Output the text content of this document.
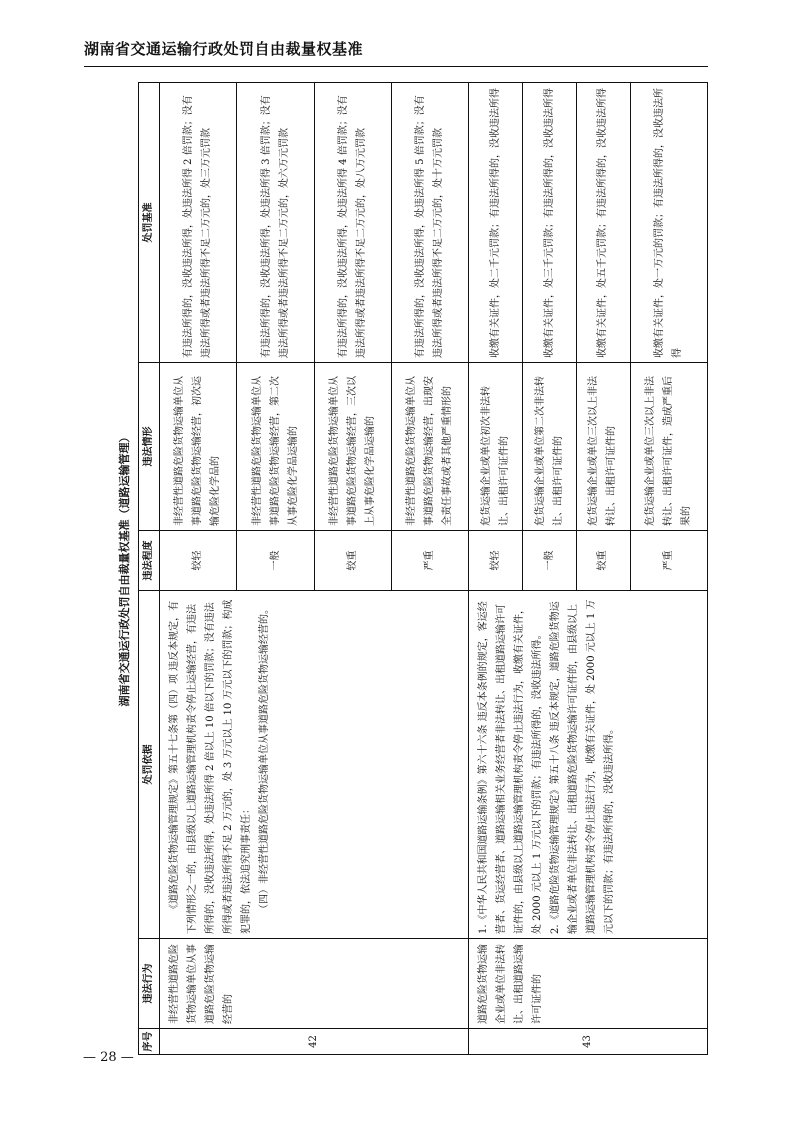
湖南省交通运输行政处罚自由裁量权基准
湖南省交通运行政处罚自由裁量权基准（道路运输管理）
序号	违法行为	处罚依据	违法程度	违法情形	处罚基准
42	非经营性道路危险货物运输单位从事道路危险货物运输经营的	《道路危险货物运输管理规定》第五十七条第（四）项 违反本规定，有下列情形之一的，由县级以上道路运输管理机构责令停止运输经营，有违法所得的，没收违法所得，处违法所得 2 倍以上 10 倍以下的罚款；没有违法所得或者违法所得不足 2 万元的，处 3 万元以上 10 万元以下的罚款；构成犯罪的，依法追究刑事责任： （四）非经营性道路危险货物运输单位从事道路危险货物运输经营的。	较轻	非经营性道路危险货物运输单位从事道路危险货物运输经营，初次运输危险化学品的	有违法所得的，没收违法所得，处违法所得 2 倍罚款；没有违法所得或者违法所得不足二万元的，处三万元罚款
			一般	非经营性道路危险货物运输单位从事道路危险货物运输经营，第二次从事危险化学品运输的	有违法所得的，没收违法所得，处违法所得 3 倍罚款；没有违法所得或者违法所得不足二万元的，处六万元罚款
			较重	非经营性道路危险货物运输单位从事道路危险货物运输经营，三次以上从事危险化学品运输的	有违法所得的，没收违法所得，处违法所得 4 倍罚款；没有违法所得或者违法所得不足二万元的，处八万元罚款
			严重	非经营性道路危险货物运输单位从事道路危险货物运输经营，出现安全责任事故或者其他严重情形的	有违法所得的，没收违法所得，处违法所得 5 倍罚款；没有违法所得或者违法所得不足二万元的，处十万元罚款
43	道路危险货物运输企业或单位非法转让、出租道路运输许可证件的	1.《中华人民共和国道路运输条例》第六十六条 违反本条例的规定，客运经营者、货运经营者、道路运输相关业务经营者非法转让、出租道路运输许可证件的，由县级以上道路运输管理机构责令停止违法行为，收缴有关证件，处 2000 元以上 1 万元以下的罚款；有违法所得的，没收违法所得。 2.《道路危险货物运输管理规定》第五十八条 违反本规定，道路危险货物运输企业或者单位非法转让、出租道路危险货物运输许可证件的，由县级以上道路运输管理机构责令停止违法行为，收缴有关证件，处 2000 元以上 1 万元以下的罚款；有违法所得的，没收违法所得。	较轻	危货运输企业或单位初次非法转让、出租许可证件的	收缴有关证件，处二千元罚款；有违法所得的，没收违法所得
			一般	危货运输企业或单位第二次非法转让、出租许可证件的	收缴有关证件，处三千元罚款；有违法所得的，没收违法所得
			较重	危货运输企业或单位三次以上非法转让、出租许可证件的	收缴有关证件，处五千元罚款；有违法所得的，没收违法所得
			严重	危货运输企业或单位三次以上非法转让、出租许可证件，造成严重后果的	收缴有关证件，处一万元的罚款；有违法所得的，没收违法所得
— 28 —
